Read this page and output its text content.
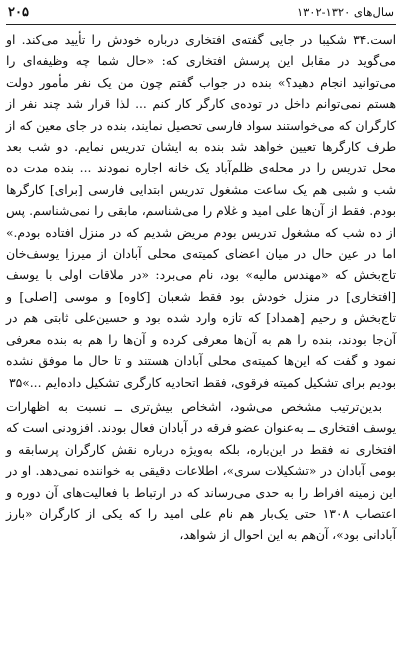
سال‌های ۱۳۲۰-۱۳۰۲
۲۰۵

است.۳۴ شکیبا در جایی گفته‌ی افتخاری درباره خودش را تأیید می‌کند. او می‌گوید در مقابل این پرسش افتخاری که: «حال شما چه وظیفه‌ای را می‌توانید انجام دهید؟» بنده در جواب گفتم چون من یک نفر مأمور دولت هستم نمی‌توانم داخل در توده‌ی کارگر کار کنم ... لذا قرار شد چند نفر از کارگران که می‌خواستند سواد فارسی تحصیل نمایند، بنده در جای معین که از طرف کارگرها تعیین خواهد شد بنده به ایشان تدریس نمایم. دو شب بعد محل تدریس را در محله‌ی ظلم‌آباد یک خانه اجاره نمودند ... بنده مدت ده شب و شبی هم یک ساعت مشغول تدریس ابتدایی فارسی [برای] کارگرها بودم. فقط از آن‌ها علی امید و غلام را می‌شناسم، مابقی را نمی‌شناسم. پس از ده شب که مشغول تدریس بودم مریض شدیم که در منزل افتاده بودم.» اما در عین حال در میان اعضای کمیته‌ی محلی آبادان از میرزا یوسف‌خان تاج‌بخش که «مهندس مالیه» بود، نام می‌برد: «در ملاقات اولی با یوسف [افتخاری] در منزل خودش بود فقط شعبان [کاوه] و موسی [اصلی] و تاج‌بخش و رحیم [همداد] که تازه وارد شده بود و حسین‌علی ثابتی هم در آن‌جا بودند، بنده را هم به آن‌ها معرفی کرده و آن‌ها را هم به بنده معرفی نمود و گفت که این‌ها کمیته‌ی محلی آبادان هستند و تا حال ما موفق نشده بودیم برای تشکیل کمیته فرقوی، فقط اتحادیه کارگری تشکیل داده‌ایم ...»۳۵

بدین‌ترتیب مشخص می‌شود، اشخاص بیش‌تری ــ نسبت به اظهارات یوسف افتخاری ــ به‌عنوان عضو فرقه در آبادان فعال بودند. افزودنی است که افتخاری نه فقط در این‌باره، بلکه به‌ویژه درباره نقش کارگران پرسابقه و بومی آبادان در «تشکیلات سری»، اطلاعات دقیقی به خواننده نمی‌دهد. او در این زمینه افراط را به حدی می‌رساند که در ارتباط با فعالیت‌های آن دوره و اعتصاب ۱۳۰۸ حتی یک‌بار هم نام علی امید را که یکی از کارگران «بارز آبادانی بود»، آن‌هم به این احوال از شواهد،
